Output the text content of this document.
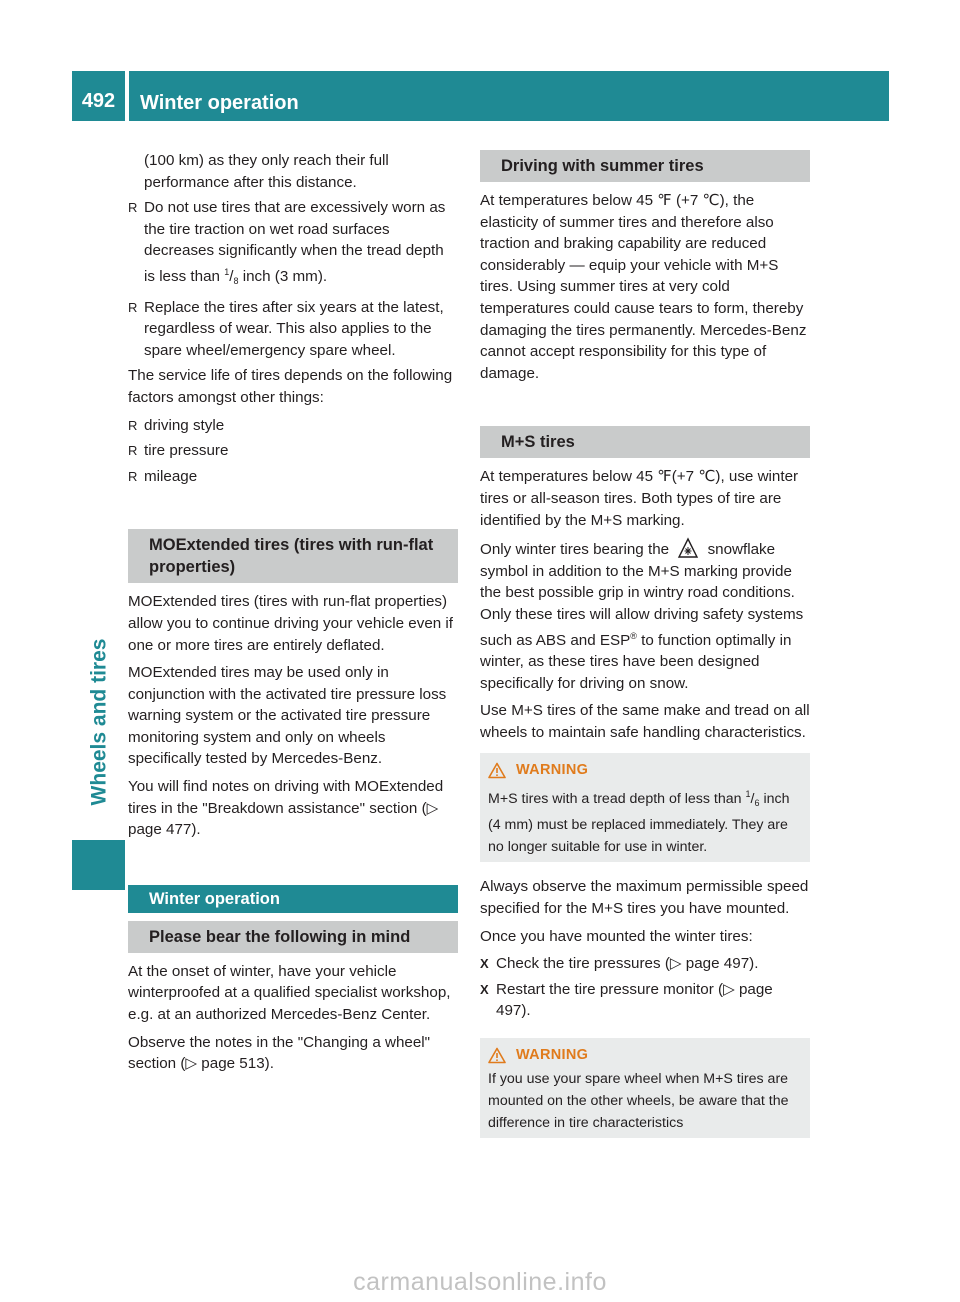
492	Winter operation
Wheels and tires
(100 km) as they only reach their full performance after this distance.
R Do not use tires that are excessively worn as the tire traction on wet road surfaces decreases significantly when the tread depth is less than $^1/_8$ inch (3 mm).
R Replace the tires after six years at the latest, regardless of wear. This also applies to the spare wheel/emergency spare wheel.

The service life of tires depends on the following factors amongst other things:

R driving style
R tire pressure
R mileage
MOExtended tires (tires with run-flat properties)

MOExtended tires (tires with run-flat properties) allow you to continue driving your vehicle even if one or more tires are entirely deflated.

MOExtended tires may be used only in conjunction with the activated tire pressure loss warning system or the activated tire pressure monitoring system and only on wheels specifically tested by Mercedes-Benz.

You will find notes on driving with MOExtended tires in the "Breakdown assistance" section (▷ page 477).

Winter operation
Please bear the following in mind

At the onset of winter, have your vehicle winterproofed at a qualified specialist workshop, e.g. at an authorized Mercedes-Benz Center.

Observe the notes in the "Changing a wheel" section (▷ page 513).

Driving with summer tires

At temperatures below 45 ℉ (+7 ℃), the elasticity of summer tires and therefore also traction and braking capability are reduced considerably — equip your vehicle with M+S tires. Using summer tires at very cold temperatures could cause tears to form, thereby damaging the tires permanently. Mercedes-Benz cannot accept responsibility for this type of damage.

M+S tires

At temperatures below 45 ℉(+7 ℃), use winter tires or all-season tires. Both types of tire are identified by the M+S marking.

Only winter tires bearing the	snowflake symbol in addition to the M+S marking provide the best possible grip in wintry road conditions. Only these tires will allow driving safety systems such as ABS and ESP® to function optimally in winter, as these tires have been designed specifically for driving on snow.

Use M+S tires of the same make and tread on all wheels to maintain safe handling characteristics.

WARNING
M+S tires with a tread depth of less than $^1/_6$ inch (4 mm) must be replaced immediately. They are no longer suitable for use in winter.

Always observe the maximum permissible speed specified for the M+S tires you have mounted.

Once you have mounted the winter tires:

X Check the tire pressures (▷ page 497).
X Restart the tire pressure monitor (▷ page 497).
WARNING
If you use your spare wheel when M+S tires are mounted on the other wheels, be aware that the difference in tire characteristics
carmanualsonline.info
